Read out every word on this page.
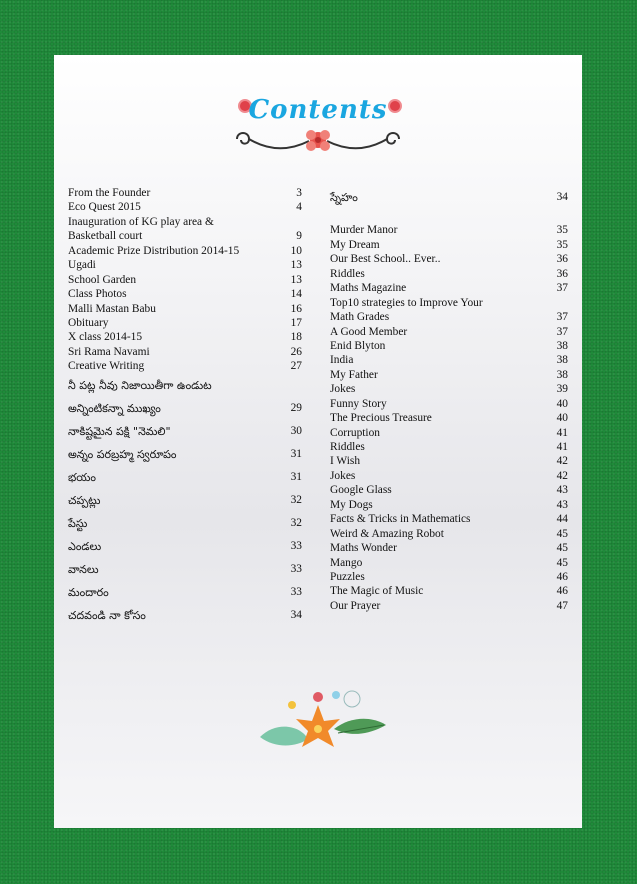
Contents
From the Founder	3
Eco Quest 2015	4
Inauguration of KG play area &
Basketball court	9
Academic Prize Distribution 2014-15	10
Ugadi	13
School Garden	13
Class Photos	14
Malli Mastan Babu	16
Obituary	17
X class 2014-15	18
Sri Rama Navami	26
Creative Writing	27
నీ పట్ల నీవు నిజాయితీగా ఉండుట
అన్నింటికన్నా ముఖ్యం	29
నాకిష్టమైన పక్షి "నెమలి"	30
అన్నం పరబ్రహ్మ స్వరూపం	31
భయం	31
చప్పట్లు	32
పేస్టు	32
ఎండలు	33
వానలు	33
మందారం	33
చదవండి నా కోసం	34
స్నేహం	34
Murder Manor	35
My Dream	35
Our Best School.. Ever..	36
Riddles	36
Maths Magazine	37
Top10 strategies to Improve Your
Math Grades	37
A Good Member	37
Enid Blyton	38
India	38
My Father	38
Jokes	39
Funny Story	40
The Precious Treasure	40
Corruption	41
Riddles	41
I Wish	42
Jokes	42
Google Glass	43
My Dogs	43
Facts & Tricks in Mathematics	44
Weird & Amazing Robot	45
Maths Wonder	45
Mango	45
Puzzles	46
The Magic of Music	46
Our Prayer	47
